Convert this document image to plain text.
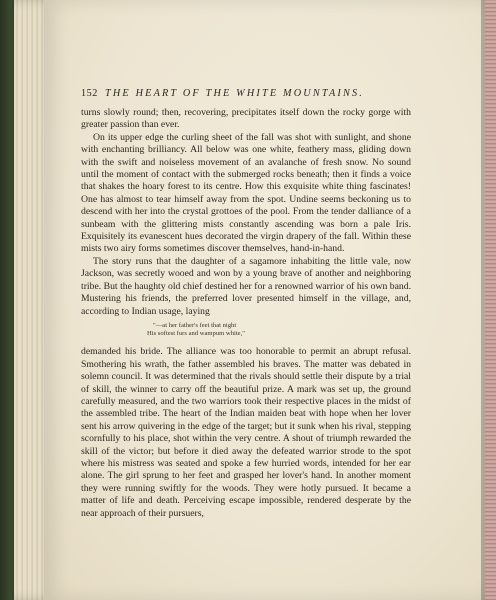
152 THE HEART OF THE WHITE MOUNTAINS.

turns slowly round; then, recovering, precipitates itself down the rocky gorge with greater passion than ever.

On its upper edge the curling sheet of the fall was shot with sunlight, and shone with enchanting brilliancy. All below was one white, feathery mass, gliding down with the swift and noiseless movement of an avalanche of fresh snow. No sound until the moment of contact with the submerged rocks beneath; then it finds a voice that shakes the hoary forest to its centre. How this exquisite white thing fascinates! One has almost to tear himself away from the spot. Undine seems beckoning us to descend with her into the crystal grottoes of the pool. From the tender dalliance of a sunbeam with the glittering mists constantly ascending was born a pale Iris. Exquisitely its evanescent hues decorated the virgin drapery of the fall. Within these mists two airy forms sometimes discover themselves, hand-in-hand.

The story runs that the daughter of a sagamore inhabiting the little vale, now Jackson, was secretly wooed and won by a young brave of another and neighboring tribe. But the haughty old chief destined her for a renowned warrior of his own band. Mustering his friends, the preferred lover presented himself in the village, and, according to Indian usage, laying

"—at her father's feet that night
His softest furs and wampum white,"

demanded his bride. The alliance was too honorable to permit an abrupt refusal. Smothering his wrath, the father assembled his braves. The matter was debated in solemn council. It was determined that the rivals should settle their dispute by a trial of skill, the winner to carry off the beautiful prize. A mark was set up, the ground carefully measured, and the two warriors took their respective places in the midst of the assembled tribe. The heart of the Indian maiden beat with hope when her lover sent his arrow quivering in the edge of the target; but it sunk when his rival, stepping scornfully to his place, shot within the very centre. A shout of triumph rewarded the skill of the victor; but before it died away the defeated warrior strode to the spot where his mistress was seated and spoke a few hurried words, intended for her ear alone. The girl sprung to her feet and grasped her lover's hand. In another moment they were running swiftly for the woods. They were hotly pursued. It became a matter of life and death. Perceiving escape impossible, rendered desperate by the near approach of their pursuers,
